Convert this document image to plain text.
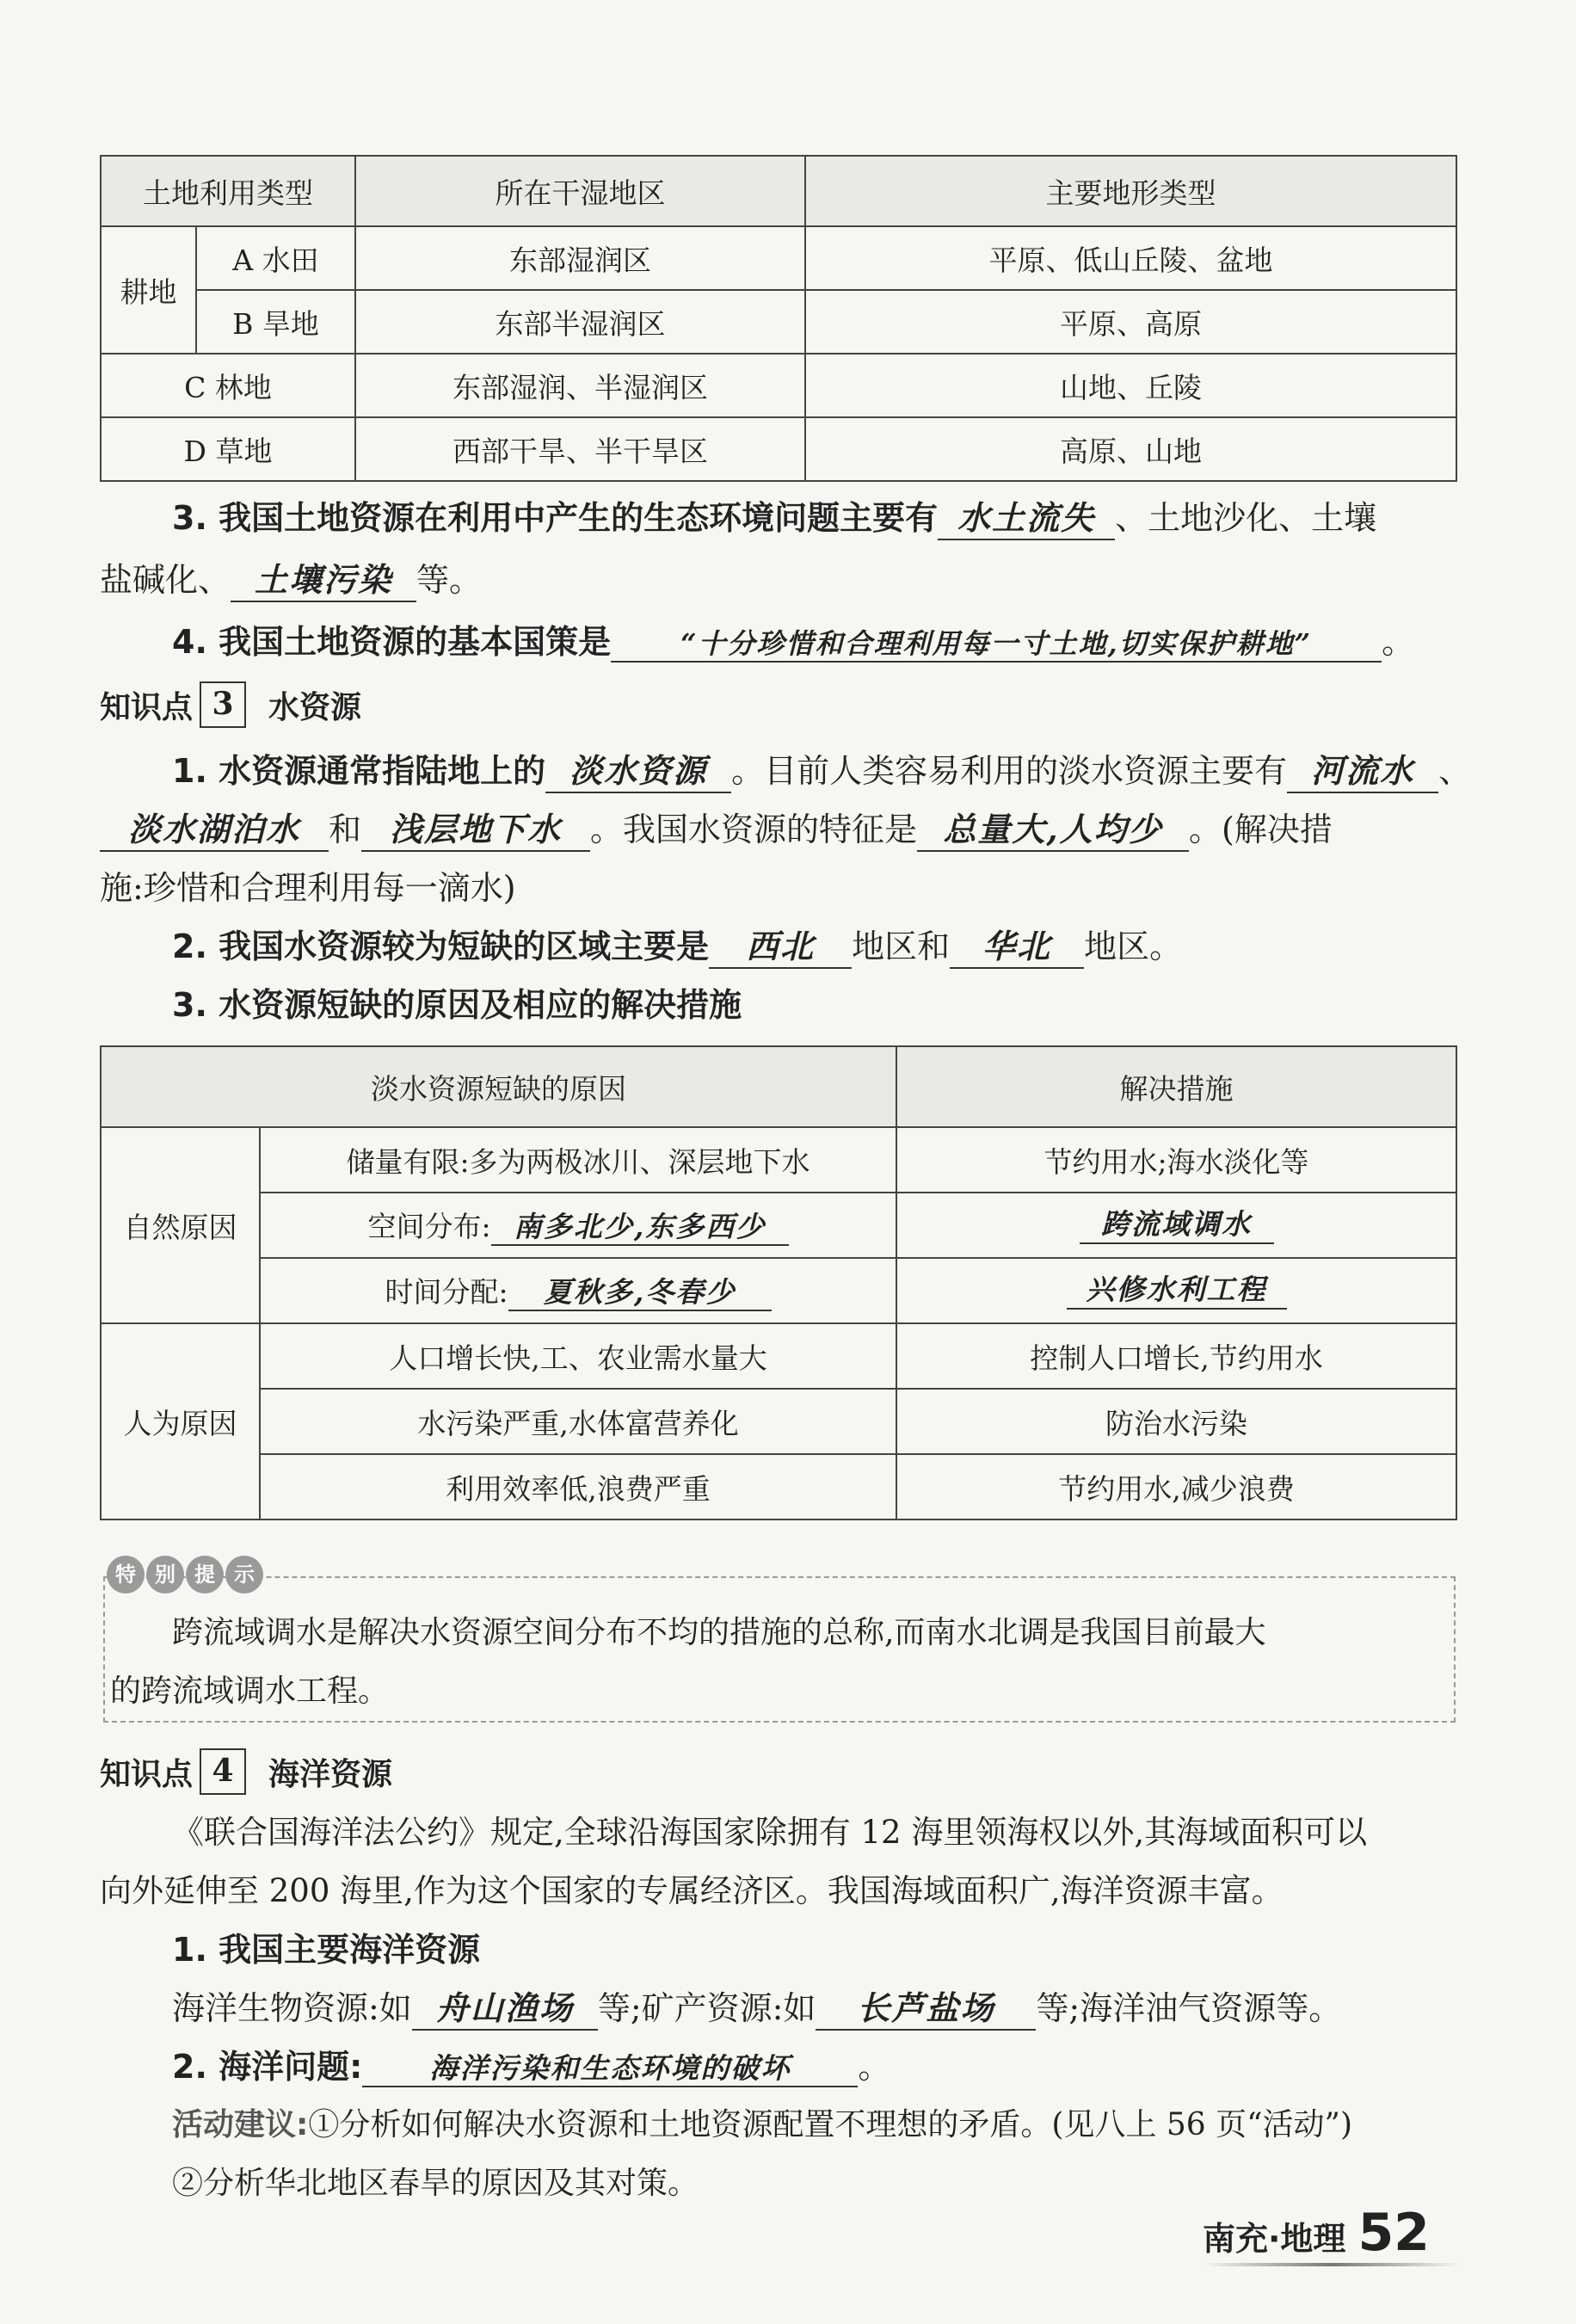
土地利用类型		所在干湿地区	主要地形类型
耕地	A 水田	东部湿润区	平原、低山丘陵、盆地
	B 旱地	东部半湿润区	平原、高原
C 林地		东部湿润、半湿润区	山地、丘陵
D 草地		西部干旱、半干旱区	高原、山地
3. 我国土地资源在利用中产生的生态环境问题主要有 水土流失 、土地沙化、土壤
盐碱化、 土壤污染 等。
4. 我国土地资源的基本国策是	“十分珍惜和合理利用每一寸土地,切实保护耕地” 。
知识点 3	水资源
1. 水资源通常指陆地上的 淡水资源 。目前人类容易利用的淡水资源主要有 河流水 、
淡水湖泊水 和 浅层地下水 。我国水资源的特征是 总量大,人均少 。(解决措
施:珍惜和合理利用每一滴水)
2. 我国水资源较为短缺的区域主要是 西北 地区和 华北 地区。
3. 水资源短缺的原因及相应的解决措施
淡水资源短缺的原因		解决措施
自然原因	储量有限:多为两极冰川、深层地下水	节约用水;海水淡化等
	空间分布: 南多北少,东多西少	跨流域调水
	时间分配: 夏秋多,冬春少	兴修水利工程
人为原因	人口增长快,工、农业需水量大	控制人口增长,节约用水
	水污染严重,水体富营养化	防治水污染
	利用效率低,浪费严重	节约用水,减少浪费
特 别 提 示
跨流域调水是解决水资源空间分布不均的措施的总称,而南水北调是我国目前最大
的跨流域调水工程。
知识点 4	海洋资源
《联合国海洋法公约》规定,全球沿海国家除拥有 12 海里领海权以外,其海域面积可以
向外延伸至 200 海里,作为这个国家的专属经济区。我国海域面积广,海洋资源丰富。
1. 我国主要海洋资源
海洋生物资源:如 舟山渔场 等;矿产资源:如 长芦盐场 等;海洋油气资源等。
2. 海洋问题: 海洋污染和生态环境的破坏 。
活动建议:①分析如何解决水资源和土地资源配置不理想的矛盾。(见八上 56 页“活动”)
②分析华北地区春旱的原因及其对策。
南充·地理 52
